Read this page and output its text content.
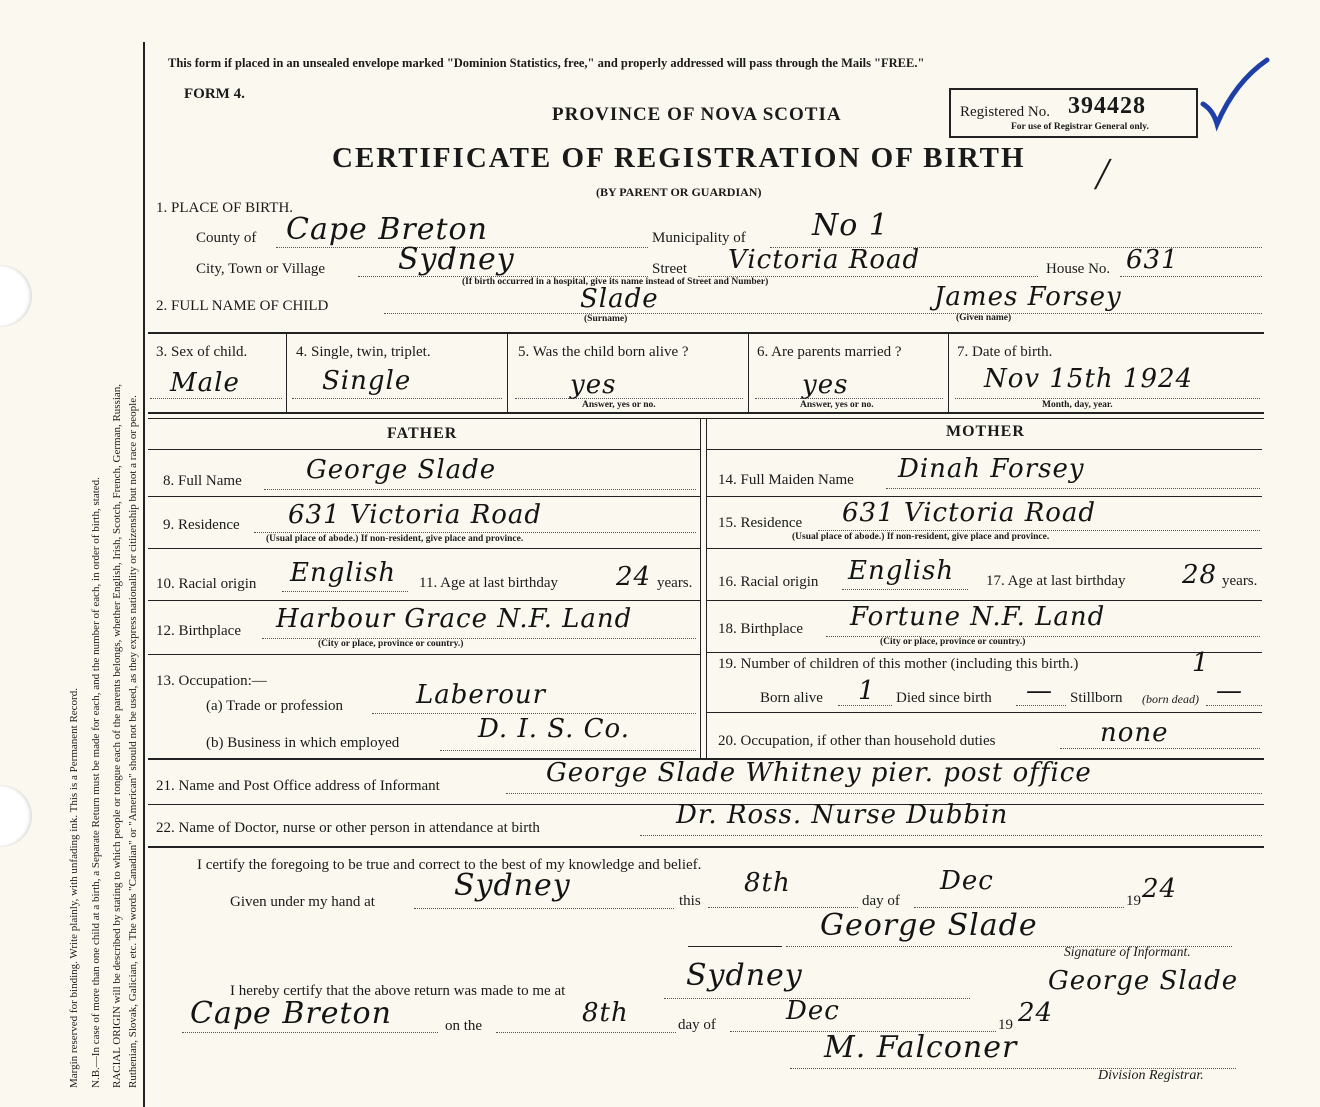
Margin reserved for binding. Write plainly, with unfading ink. This is a Permanent Record. N.B.—In case of more than one child at a birth, a Separate Return must be made for each, and the number of each, in order of birth, stated. RACIAL ORIGIN will be described by stating to which people or tongue each of the parents belongs, whether English, Irish, Scotch, French, German, Russian, Ruthenian, Slovak, Galician, etc. The words "Canadian" or "American" should not be used, as they express nationality or citizenship but not a race or people.
This form if placed in an unsealed envelope marked "Dominion Statistics, free," and properly addressed will pass through the Mails "FREE."
FORM 4.
PROVINCE OF NOVA SCOTIA
CERTIFICATE OF REGISTRATION OF BIRTH
(BY PARENT OR GUARDIAN)
Registered No. 394428
For use of Registrar General only.
╱
1. PLACE OF BIRTH.
County of Cape Breton	Municipality of No 1
City, Town or Village Sydney
(If birth occurred in a hospital, give its name instead of Street and Number)
Street Victoria Road	House No. 631
2. FULL NAME OF CHILD	Slade
(Surname)
James Forsey
(Given name)
3. Sex of child.
Male
4. Single, twin, triplet.
Single
5. Was the child born alive ?
yes
Answer, yes or no.
6. Are parents married ?
yes
Answer, yes or no.
7. Date of birth.
Nov 15th 1924
Month, day, year.
FATHER	MOTHER
8. Full Name George Slade	14. Full Maiden Name Dinah Forsey
9. Residence 631 Victoria Road
(Usual place of abode.) If non-resident, give place and province.
15. Residence 631 Victoria Road
(Usual place of abode.) If non-resident, give place and province.
10. Racial origin English 11. Age at last birthday 24 years. 16. Racial origin English 17. Age at last birthday 28 years.
12. Birthplace Harbour Grace N.F. Land
(City or place, province or country.)
18. Birthplace Fortune N.F. Land
(City or place, province or country.)
13. Occupation:—
(a) Trade or profession	Laberour
(b) Business in which employed	D. I. S. Co.
19. Number of children of this mother (including this birth.)	1
Born alive 1 Died since birth — Stillborn (born dead) —
20. Occupation, if other than household duties	none
21. Name and Post Office address of Informant	George Slade Whitney pier. post office
22. Name of Doctor, nurse or other person in attendance at birth	Dr. Ross. Nurse Dubbin
I certify the foregoing to be true and correct to the best of my knowledge and belief.
Given under my hand at	Sydney	this
8th
day of
Dec
19 24
George Slade
Signature of Informant.
I hereby certify that the above return was made to me at	Sydney	George Slade
Cape Breton	on the	8th	day of	Dec	19 24
M. Falconer
Division Registrar.
